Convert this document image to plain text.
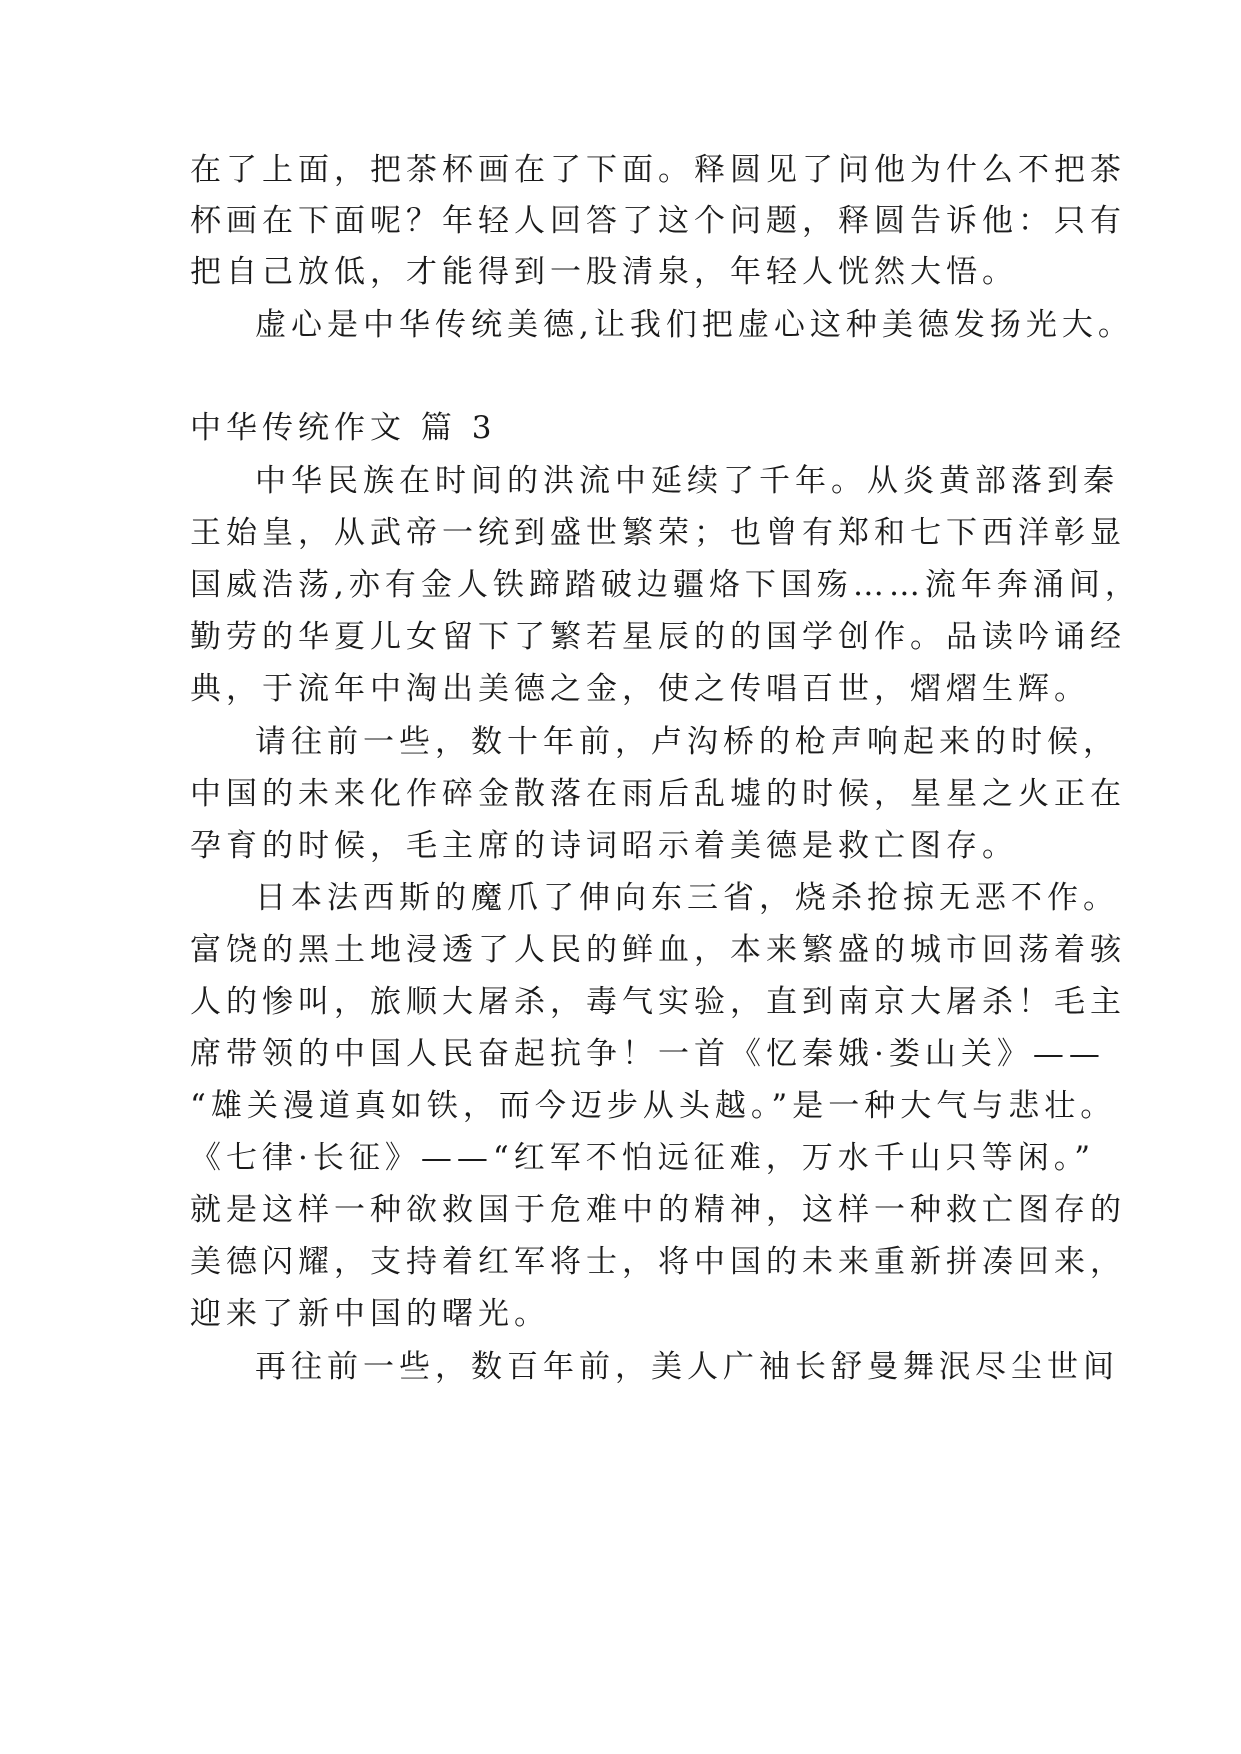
在了上面，把茶杯画在了下面。释圆见了问他为什么不把茶
杯画在下面呢？年轻人回答了这个问题，释圆告诉他：只有
把自己放低，才能得到一股清泉，年轻人恍然大悟。
虚心是中华传统美德,让我们把虚心这种美德发扬光大。
中华传统作文 篇 3
中华民族在时间的洪流中延续了千年。从炎黄部落到秦
王始皇，从武帝一统到盛世繁荣；也曾有郑和七下西洋彰显
国威浩荡,亦有金人铁蹄踏破边疆烙下国殇……流年奔涌间，
勤劳的华夏儿女留下了繁若星辰的的国学创作。品读吟诵经
典，于流年中淘出美德之金，使之传唱百世，熠熠生辉。
请往前一些，数十年前，卢沟桥的枪声响起来的时候，
中国的未来化作碎金散落在雨后乱墟的时候，星星之火正在
孕育的时候，毛主席的诗词昭示着美德是救亡图存。
日本法西斯的魔爪了伸向东三省，烧杀抢掠无恶不作。
富饶的黑土地浸透了人民的鲜血，本来繁盛的城市回荡着骇
人的惨叫，旅顺大屠杀，毒气实验，直到南京大屠杀！毛主
席带领的中国人民奋起抗争！一首《忆秦娥·娄山关》——
“雄关漫道真如铁，而今迈步从头越。”是一种大气与悲壮。
《七律·长征》——“红军不怕远征难，万水千山只等闲。”
就是这样一种欲救国于危难中的精神，这样一种救亡图存的
美德闪耀，支持着红军将士，将中国的未来重新拼凑回来，
迎来了新中国的曙光。
再往前一些，数百年前，美人广袖长舒曼舞泯尽尘世间
